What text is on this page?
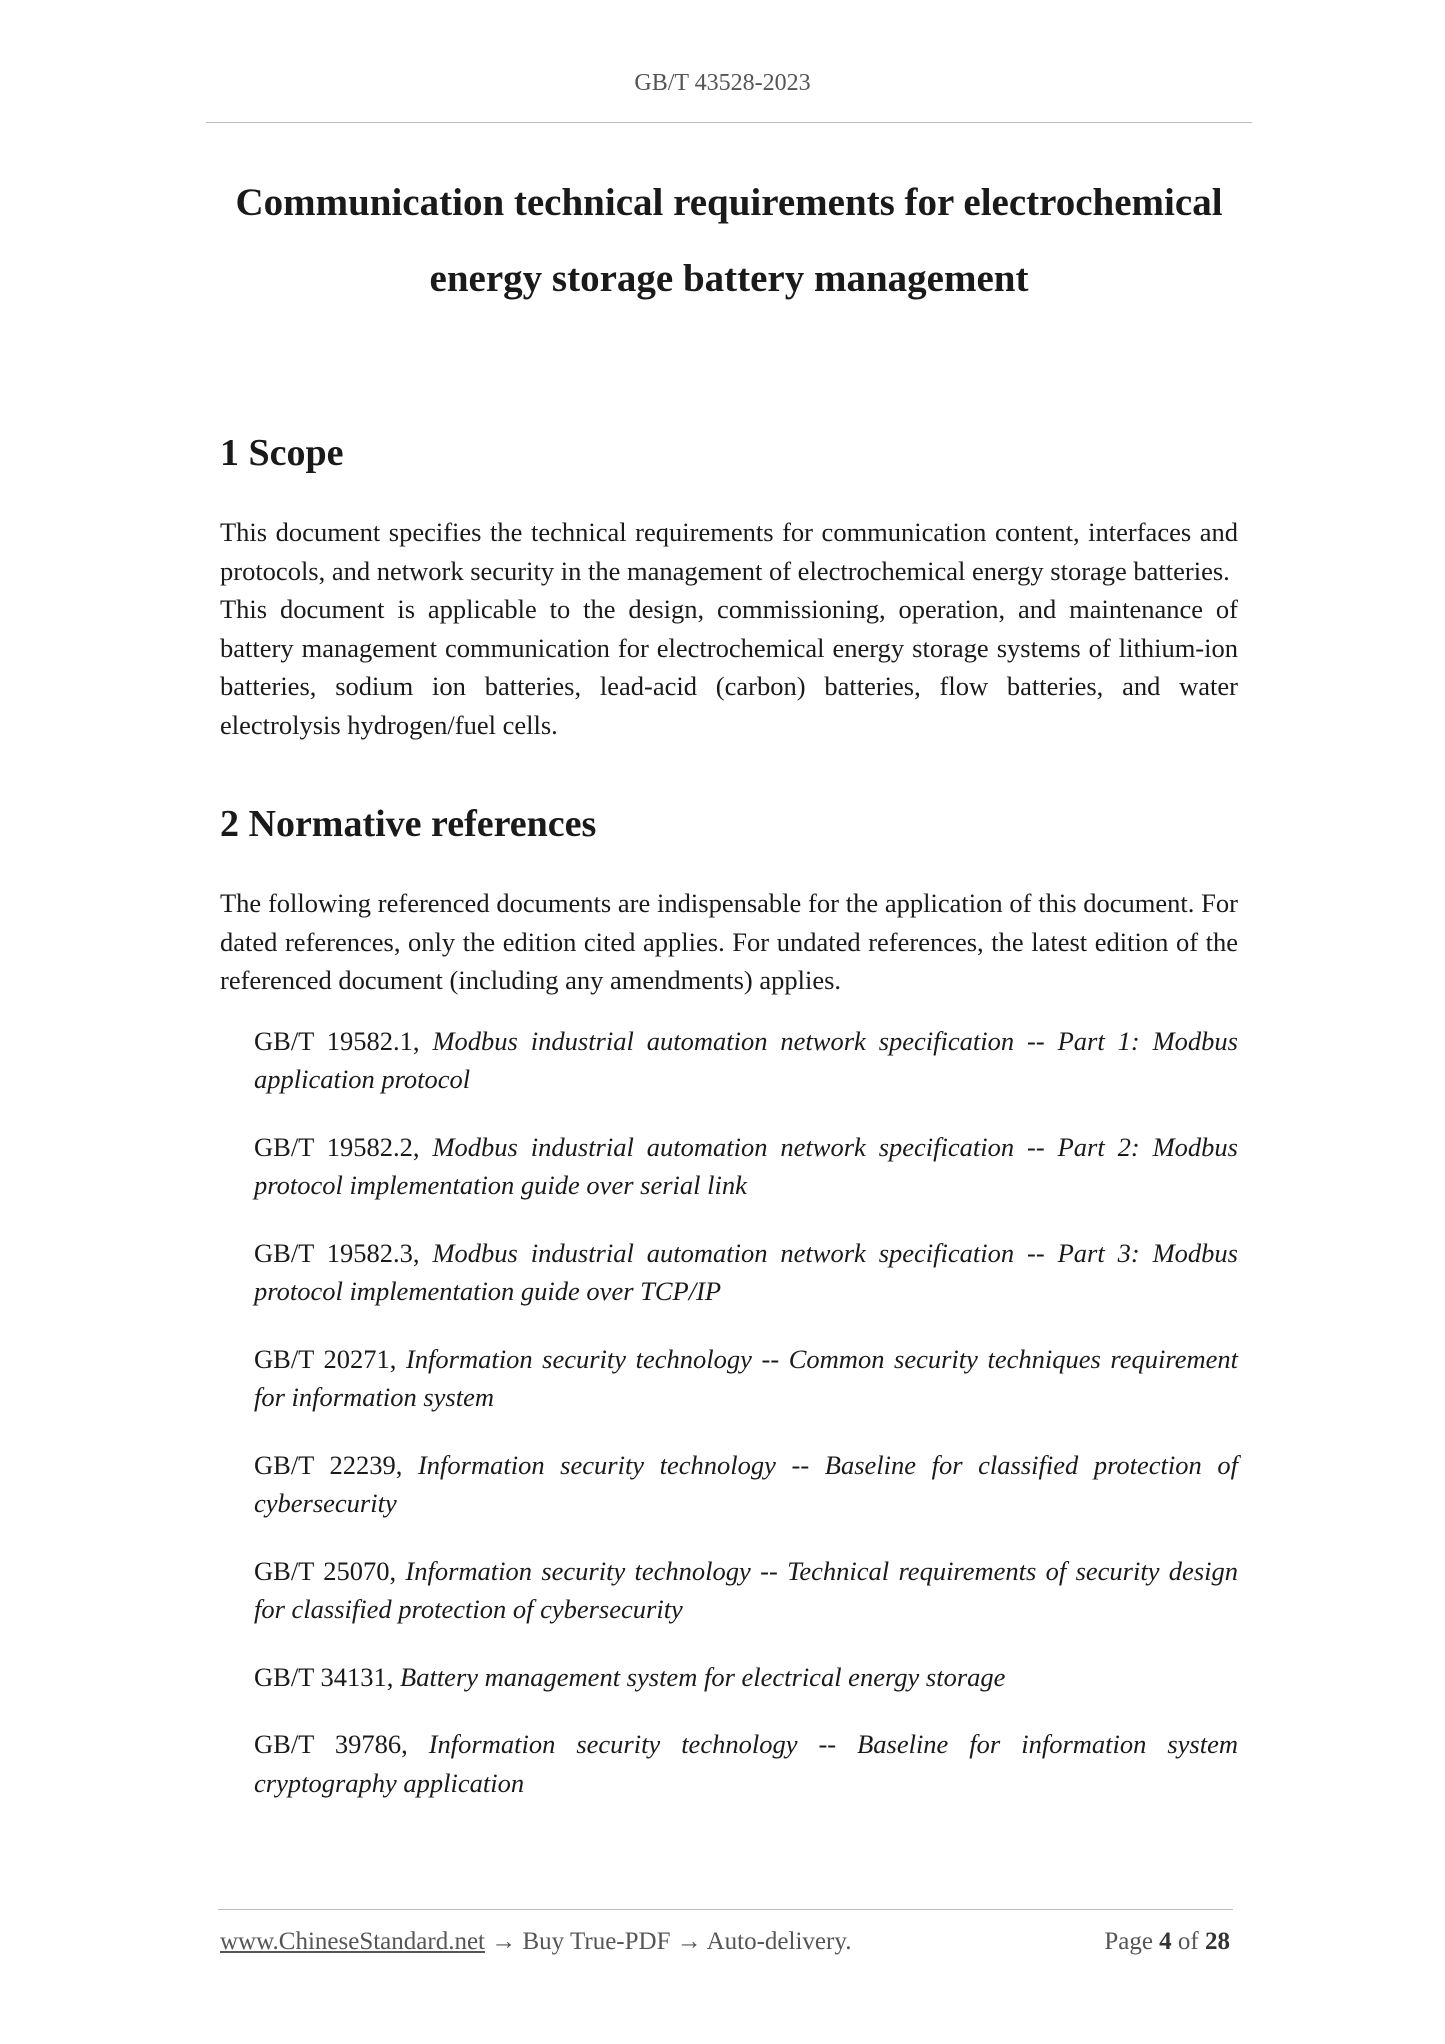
GB/T 43528-2023
Communication technical requirements for electrochemical
energy storage battery management
1 Scope

This document specifies the technical requirements for communication content, interfaces and protocols, and network security in the management of electrochemical energy storage batteries.

This document is applicable to the design, commissioning, operation, and maintenance of battery management communication for electrochemical energy storage systems of lithium-ion batteries, sodium ion batteries, lead-acid (carbon) batteries, flow batteries, and water electrolysis hydrogen/fuel cells.

2 Normative references

The following referenced documents are indispensable for the application of this document. For dated references, only the edition cited applies. For undated references, the latest edition of the referenced document (including any amendments) applies.

GB/T 19582.1, Modbus industrial automation network specification -- Part 1: Modbus application protocol

GB/T 19582.2, Modbus industrial automation network specification -- Part 2: Modbus protocol implementation guide over serial link

GB/T 19582.3, Modbus industrial automation network specification -- Part 3: Modbus protocol implementation guide over TCP/IP

GB/T 20271, Information security technology -- Common security techniques requirement for information system

GB/T 22239, Information security technology -- Baseline for classified protection of cybersecurity

GB/T 25070, Information security technology -- Technical requirements of security design for classified protection of cybersecurity

GB/T 34131, Battery management system for electrical energy storage

GB/T 39786, Information security technology -- Baseline for information system cryptography application

www.ChineseStandard.net → Buy True-PDF → Auto-delivery.	Page 4 of 28
